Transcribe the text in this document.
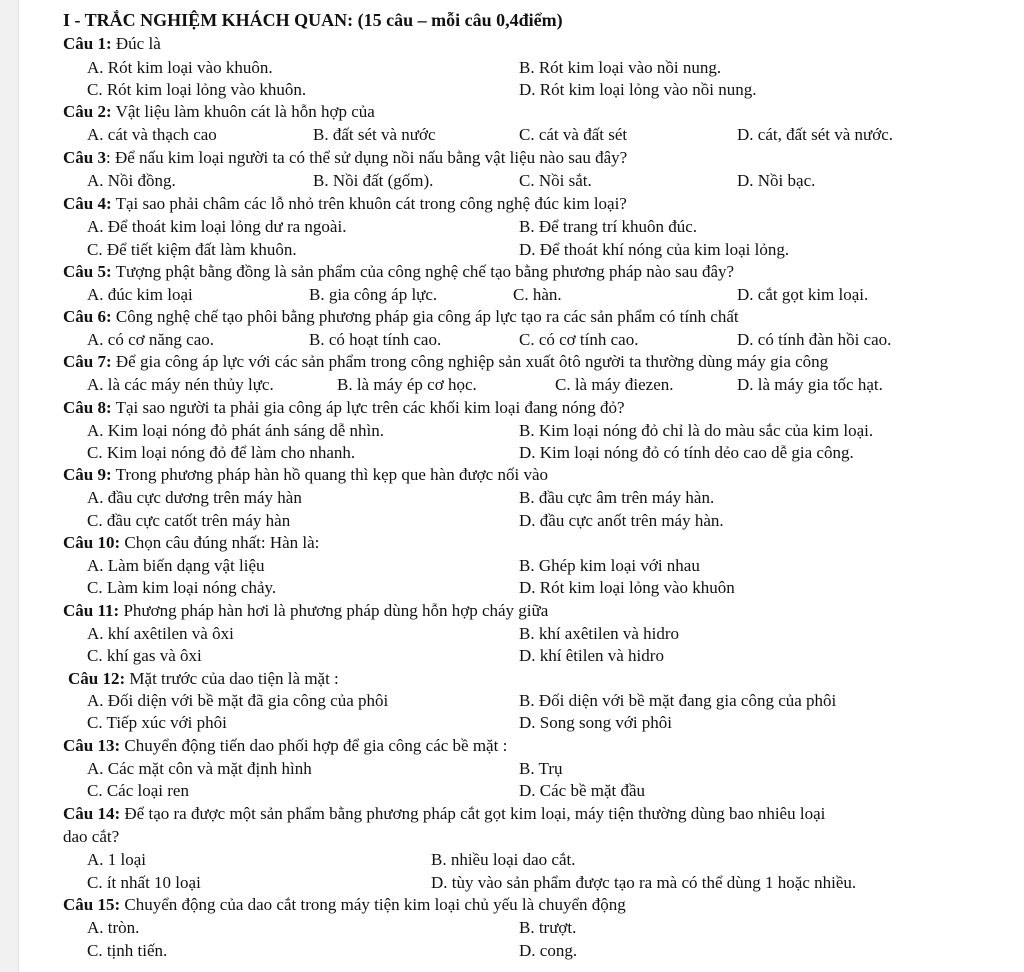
I - TRẮC NGHIỆM KHÁCH QUAN: (15 câu – mỗi câu 0,4điểm)
Câu 1: Đúc là
A. Rót kim loại vào khuôn.	B. Rót kim loại vào nồi nung.
C. Rót kim loại lỏng vào khuôn.	D. Rót kim loại lỏng vào nồi nung.
Câu 2: Vật liệu làm khuôn cát là hỗn hợp của
A. cát và thạch cao	B. đất sét và nước	C. cát và đất sét	D. cát, đất sét và nước.
Câu 3: Để nấu kim loại người ta có thể sử dụng nồi nấu bằng vật liệu nào sau đây?
A. Nồi đồng.	B. Nồi đất (gốm).	C. Nồi sắt.	D. Nồi bạc.
Câu 4: Tại sao phải châm các lỗ nhỏ trên khuôn cát trong công nghệ đúc kim loại?
A. Để thoát kim loại lỏng dư ra ngoài.	B. Để trang trí khuôn đúc.
C. Để tiết kiệm đất làm khuôn.	D. Để thoát khí nóng của kim loại lỏng.
Câu 5: Tượng phật bằng đồng là sản phẩm của công nghệ chế tạo bằng phương pháp nào sau đây?
A. đúc kim loại	B. gia công áp lực.	C. hàn.	D. cắt gọt kim loại.
Câu 6: Công nghệ chế tạo phôi bằng phương pháp gia công áp lực tạo ra các sản phẩm có tính chất
A. có cơ năng cao.	B. có hoạt tính cao.	C. có cơ tính cao.	D. có tính đàn hồi cao.
Câu 7: Để gia công áp lực với các sản phẩm trong công nghiệp sản xuất ôtô người ta thường dùng máy gia công
A. là các máy nén thủy lực.	B. là máy ép cơ học.	C. là máy điezen.	D. là máy gia tốc hạt.
Câu 8: Tại sao người ta phải gia công áp lực trên các khối kim loại đang nóng đỏ?
A. Kim loại nóng đỏ phát ánh sáng dễ nhìn.	B. Kim loại nóng đỏ chỉ là do màu sắc của kim loại.
C. Kim loại nóng đỏ để làm cho nhanh.	D. Kim loại nóng đỏ có tính dẻo cao dễ gia công.
Câu 9: Trong phương pháp hàn hồ quang thì kẹp que hàn được nối vào
A. đầu cực dương trên máy hàn	B. đầu cực âm trên máy hàn.
C. đầu cực catốt trên máy hàn	D. đầu cực anốt trên máy hàn.
Câu 10: Chọn câu đúng nhất: Hàn là:
A. Làm biến dạng vật liệu	B. Ghép kim loại với nhau
C. Làm kim loại nóng chảy.	D. Rót kim loại lỏng vào khuôn
Câu 11: Phương pháp hàn hơi là phương pháp dùng hỗn hợp cháy giữa
A. khí axêtilen và ôxi	B. khí axêtilen và hidro
C. khí gas và ôxi	D. khí êtilen và hidro
Câu 12: Mặt trước của dao tiện là mặt :
A. Đối diện với bề mặt đã gia công của phôi	B. Đối diện với bề mặt đang gia công của phôi
C. Tiếp xúc với phôi	D. Song song với phôi
Câu 13: Chuyển động tiến dao phối hợp để gia công các bề mặt :
A. Các mặt côn và mặt định hình	B. Trụ
C. Các loại ren	D. Các bề mặt đầu
Câu 14: Để tạo ra được một sản phẩm bằng phương pháp cắt gọt kim loại, máy tiện thường dùng bao nhiêu loại
dao cắt?
A. 1 loại	B. nhiều loại dao cắt.
C. ít nhất 10 loại	D. tùy vào sản phẩm được tạo ra mà có thể dùng 1 hoặc nhiều.
Câu 15: Chuyển động của dao cắt trong máy tiện kim loại chủ yếu là chuyển động
A. tròn.	B. trượt.
C. tịnh tiến.	D. cong.
